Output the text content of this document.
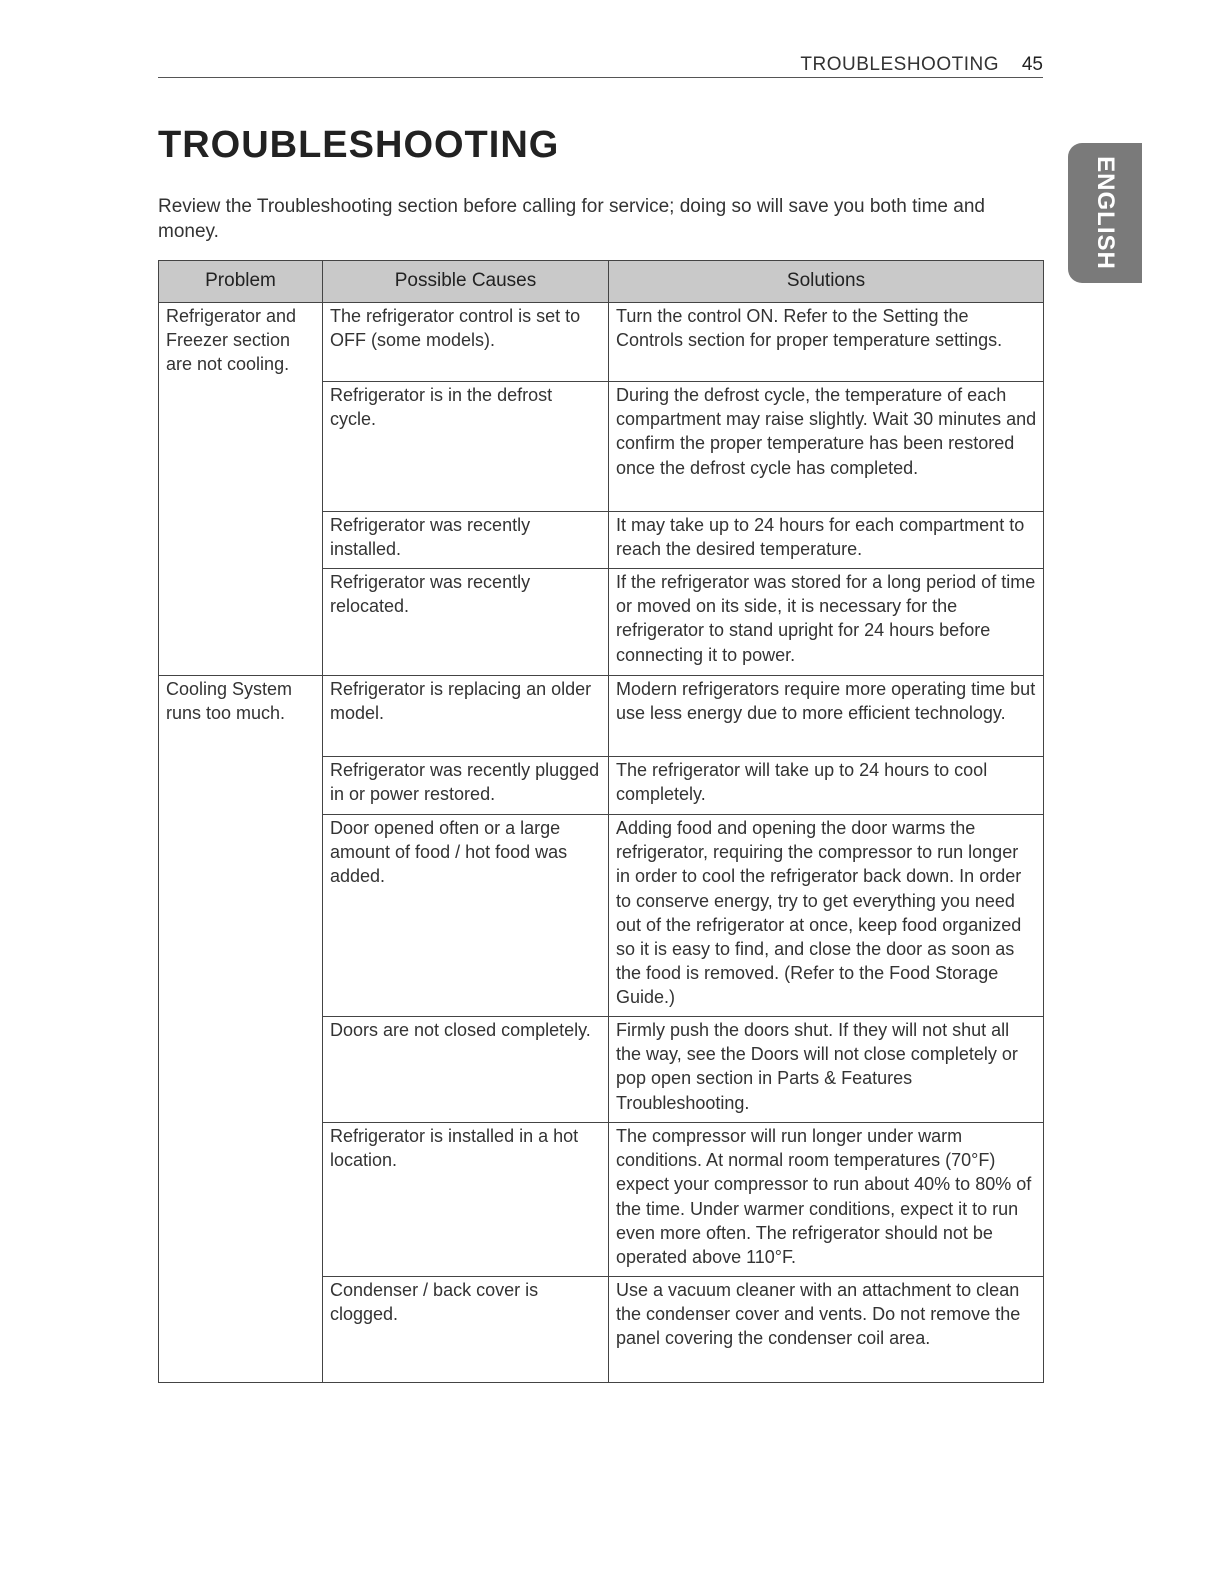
TROUBLESHOOTING 45
ENGLISH
TROUBLESHOOTING

Review the Troubleshooting section before calling for service; doing so will save you both time and money.

Problem	Possible Causes	Solutions
Refrigerator and Freezer section are not cooling.	The refrigerator control is set to OFF (some models).	Turn the control ON. Refer to the Setting the Controls section for proper temperature settings.
	Refrigerator is in the defrost cycle.	During the defrost cycle, the temperature of each compartment may raise slightly. Wait 30 minutes and confirm the proper temperature has been restored once the defrost cycle has completed.
	Refrigerator was recently installed.	It may take up to 24 hours for each compartment to reach the desired temperature.
	Refrigerator was recently relocated.	If the refrigerator was stored for a long period of time or moved on its side, it is necessary for the refrigerator to stand upright for 24 hours before connecting it to power.
Cooling System runs too much.	Refrigerator is replacing an older model.	Modern refrigerators require more operating time but use less energy due to more efficient technology.
	Refrigerator was recently plugged in or power restored.	The refrigerator will take up to 24 hours to cool completely.
	Door opened often or a large amount of food / hot food was added.	Adding food and opening the door warms the refrigerator, requiring the compressor to run longer in order to cool the refrigerator back down. In order to conserve energy, try to get everything you need out of the refrigerator at once, keep food organized so it is easy to find, and close the door as soon as the food is removed. (Refer to the Food Storage Guide.)
	Doors are not closed completely.	Firmly push the doors shut. If they will not shut all the way, see the Doors will not close completely or pop open section in Parts & Features Troubleshooting.
	Refrigerator is installed in a hot location.	The compressor will run longer under warm conditions. At normal room temperatures (70°F) expect your compressor to run about 40% to 80% of the time. Under warmer conditions, expect it to run even more often. The refrigerator should not be operated above 110°F.
	Condenser / back cover is clogged.	Use a vacuum cleaner with an attachment to clean the condenser cover and vents. Do not remove the panel covering the condenser coil area.
